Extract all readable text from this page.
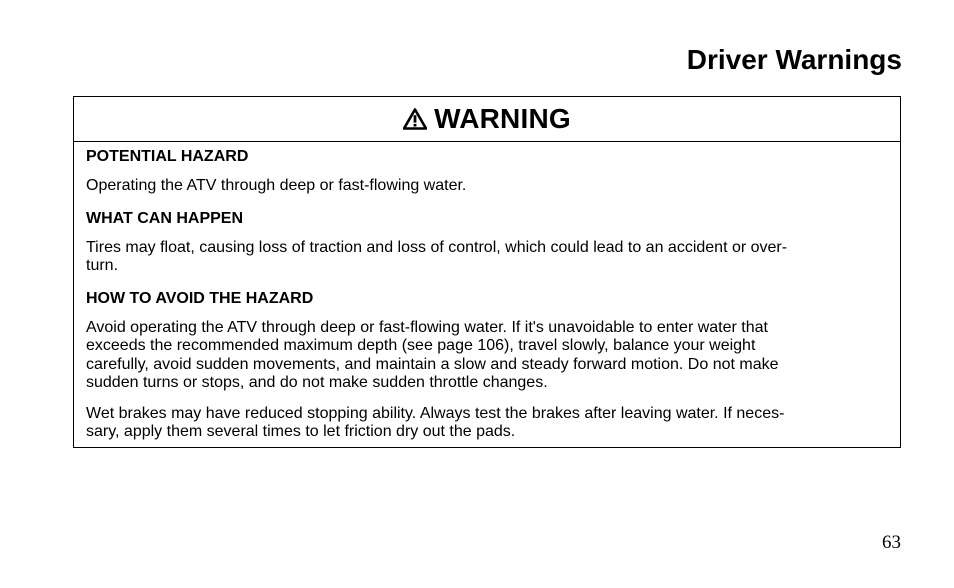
Driver Warnings
WARNING

POTENTIAL HAZARD

Operating the ATV through deep or fast-flowing water.

WHAT CAN HAPPEN

Tires may float, causing loss of traction and loss of control, which could lead to an accident or over-

turn.

HOW TO AVOID THE HAZARD

Avoid operating the ATV through deep or fast-flowing water. If it's unavoidable to enter water that

exceeds the recommended maximum depth (see page 106), travel slowly, balance your weight

carefully, avoid sudden movements, and maintain a slow and steady forward motion. Do not make

sudden turns or stops, and do not make sudden throttle changes.

Wet brakes may have reduced stopping ability. Always test the brakes after leaving water. If neces-

sary, apply them several times to let friction dry out the pads.

63
